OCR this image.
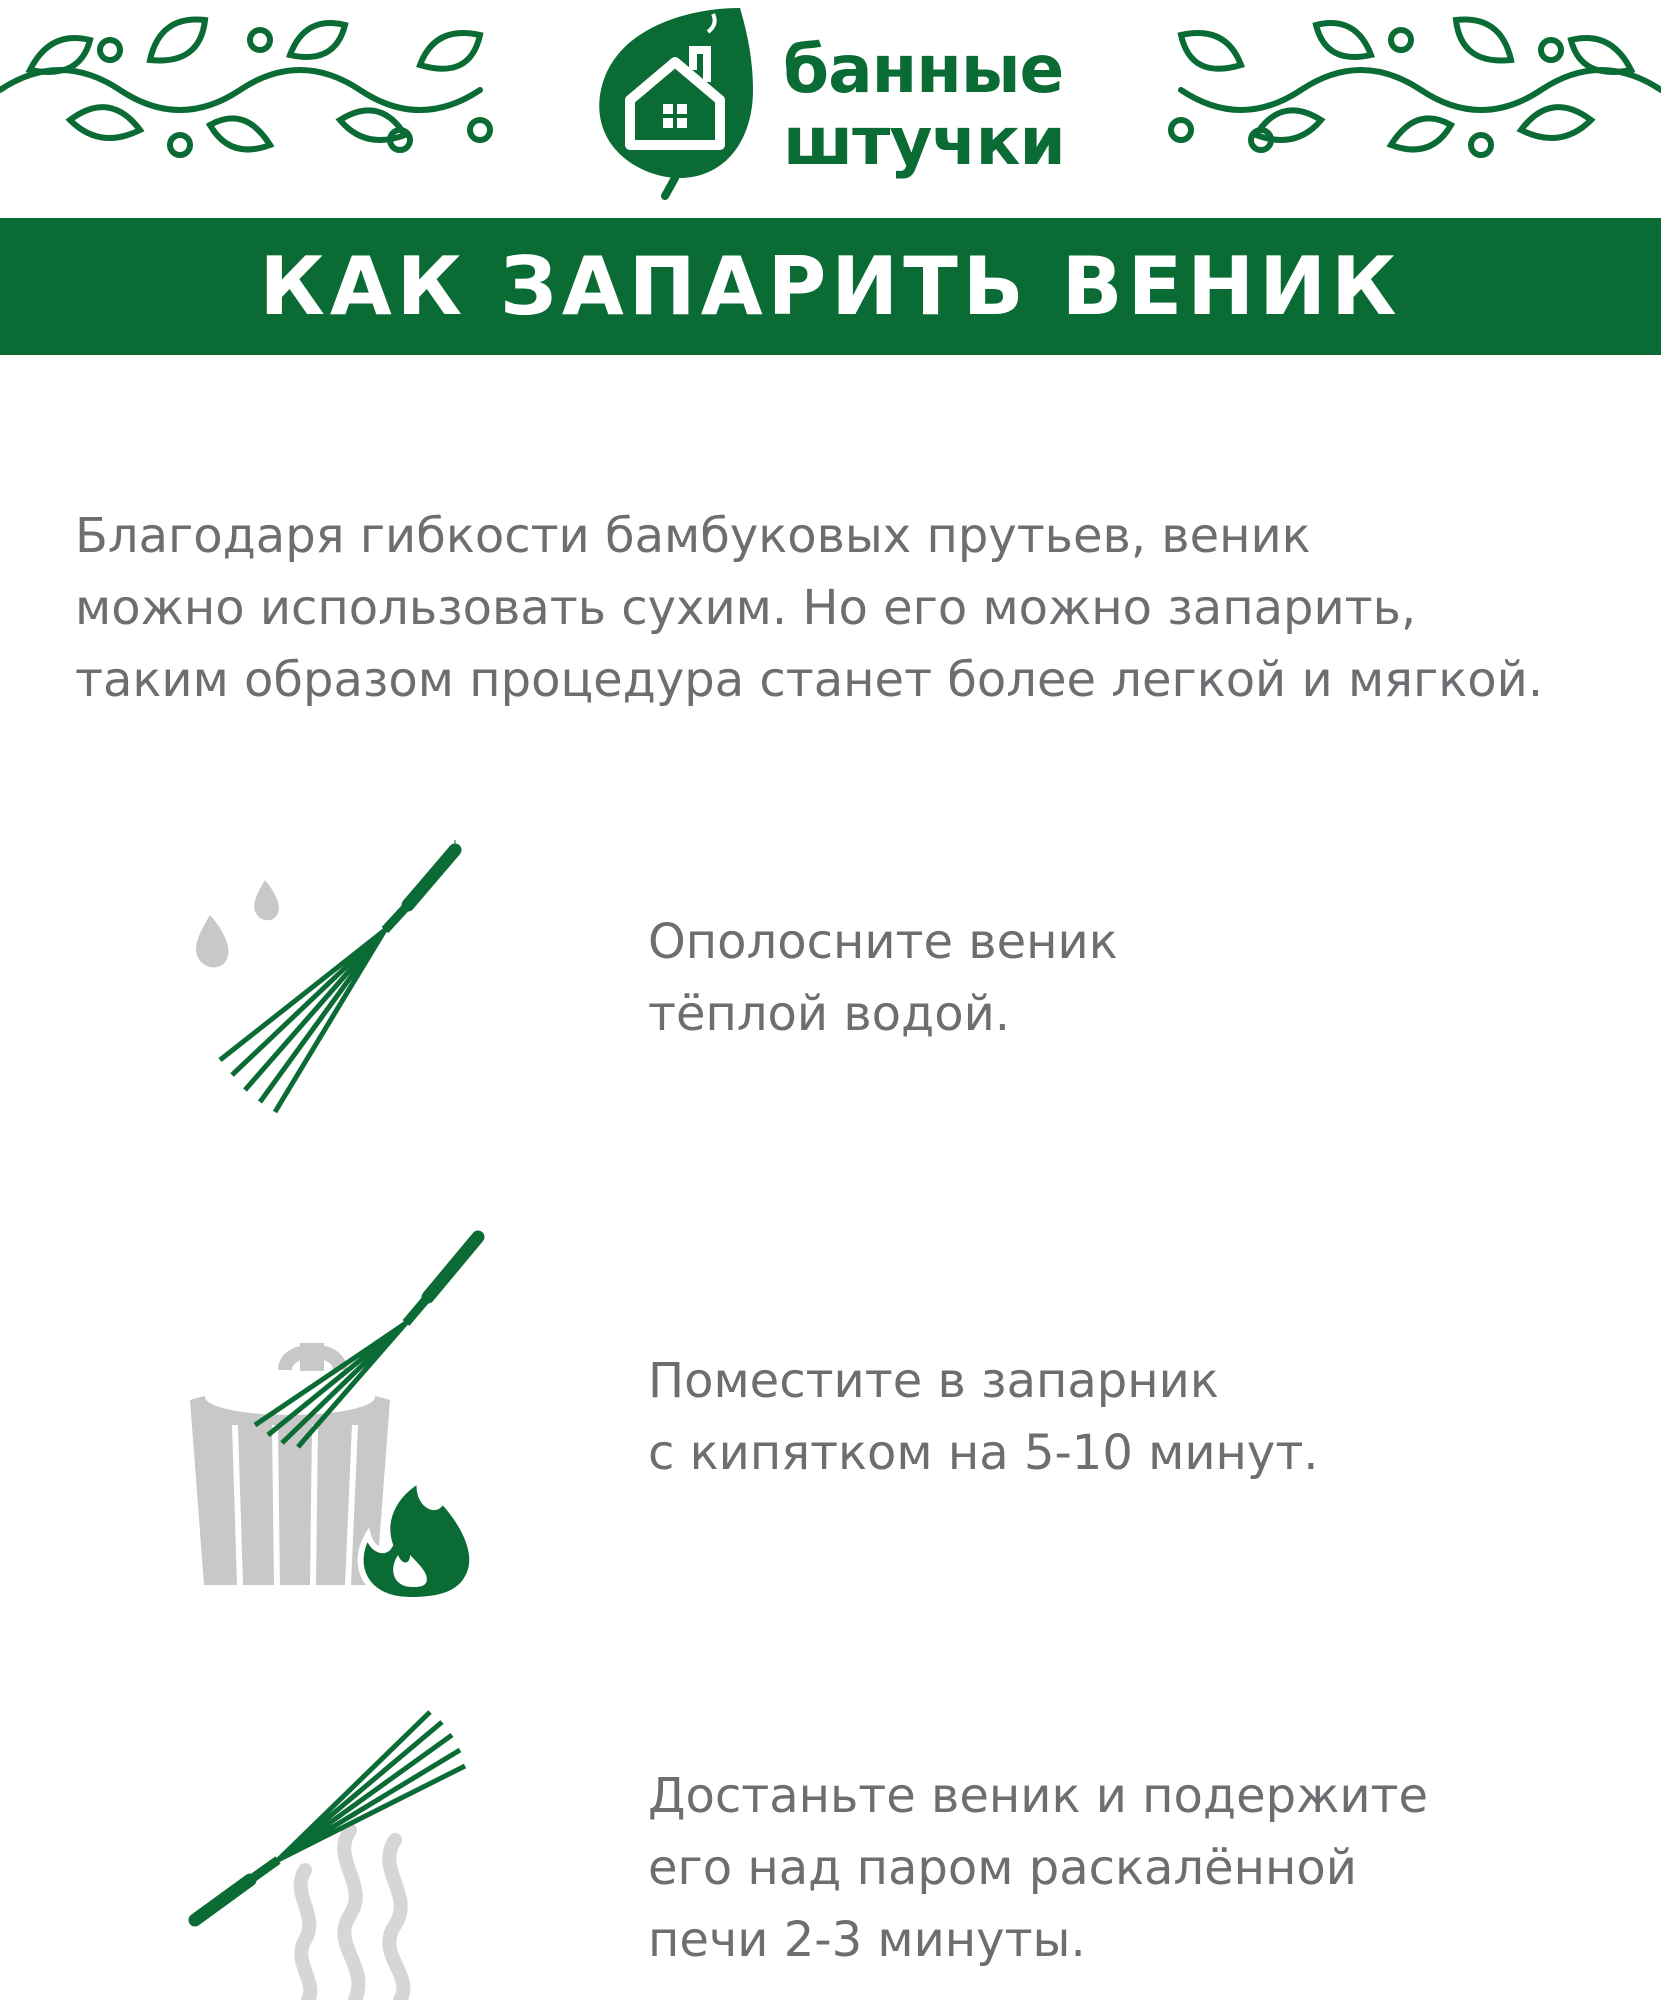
банные
штучки
КАК ЗАПАРИТЬ ВЕНИК
Благодаря гибкости бамбуковых прутьев, веник
можно использовать сухим. Но его можно запарить,
таким образом процедура станет более легкой и мягкой.
Ополосните веник
тёплой водой.
Поместите в запарник
с кипятком на 5-10 минут.
Достаньте веник и подержите
его над паром раскалённой
печи 2-3 минуты.
